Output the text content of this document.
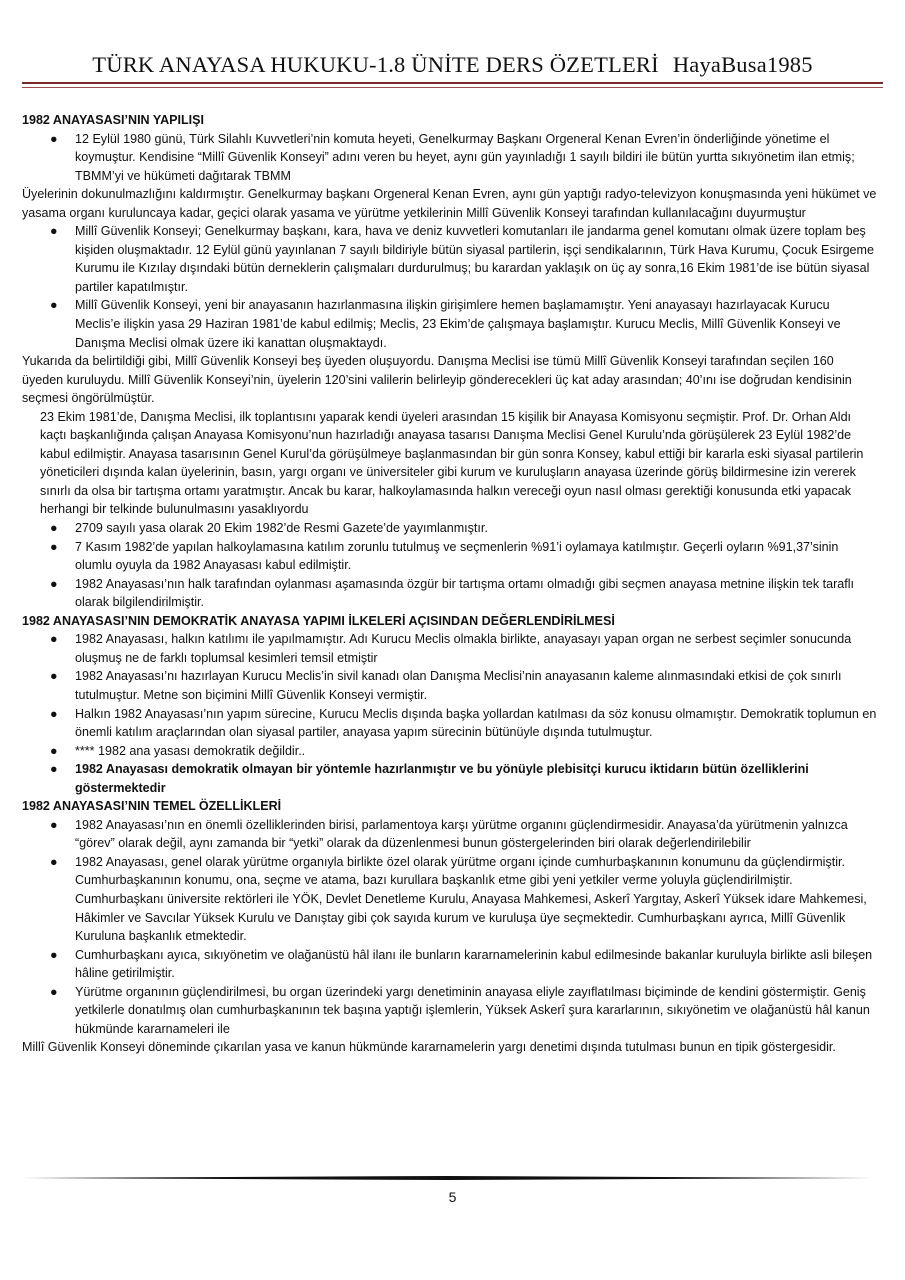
TÜRK ANAYASA HUKUKU-1.8 ÜNİTE DERS ÖZETLERİ HayaBusa1985

1982 ANAYASASI’NIN YAPILIŞI

● 12 Eylül 1980 günü, Türk Silahlı Kuvvetleri’nin komuta heyeti, Genelkurmay Başkanı Orgeneral Kenan Evren’in önderliğinde yönetime el koymuştur. Kendisine “Millî Güvenlik Konseyi” adını veren bu heyet, aynı gün yayınladığı 1 sayılı bildiri ile bütün yurtta sıkıyönetim ilan etmiş; TBMM’yi ve hükümeti dağıtarak TBMM

Üyelerinin dokunulmazlığını kaldırmıştır. Genelkurmay başkanı Orgeneral Kenan Evren, aynı gün yaptığı radyo-televizyon konuşmasında yeni hükümet ve yasama organı kuruluncaya kadar, geçici olarak yasama ve yürütme yetkilerinin Millî Güvenlik Konseyi tarafından kullanılacağını duyurmuştur

● Millî Güvenlik Konseyi; Genelkurmay başkanı, kara, hava ve deniz kuvvetleri komutanları ile jandarma genel komutanı olmak üzere toplam beş kişiden oluşmaktadır. 12 Eylül günü yayınlanan 7 sayılı bildiriyle bütün siyasal partilerin, işçi sendikalarının, Türk Hava Kurumu, Çocuk Esirgeme Kurumu ile Kızılay dışındaki bütün derneklerin çalışmaları durdurulmuş; bu karardan yaklaşık on üç ay sonra,16 Ekim 1981’de ise bütün siyasal partiler kapatılmıştır.
● Millî Güvenlik Konseyi, yeni bir anayasanın hazırlanmasına ilişkin girişimlere hemen başlamamıştır. Yeni anayasayı hazırlayacak Kurucu Meclis’e ilişkin yasa 29 Haziran 1981’de kabul edilmiş; Meclis, 23 Ekim’de çalışmaya başlamıştır. Kurucu Meclis, Millî Güvenlik Konseyi ve Danışma Meclisi olmak üzere iki kanattan oluşmaktaydı.

Yukarıda da belirtildiği gibi, Millî Güvenlik Konseyi beş üyeden oluşuyordu. Danışma Meclisi ise tümü Millî Güvenlik Konseyi tarafından seçilen 160 üyeden kuruluydu. Millî Güvenlik Konseyi’nin, üyelerin 120’sini valilerin belirleyip gönderecekleri üç kat aday arasından; 40’ını ise doğrudan kendisinin seçmesi öngörülmüştür.

23 Ekim 1981’de, Danışma Meclisi, ilk toplantısını yaparak kendi üyeleri arasından 15 kişilik bir Anayasa Komisyonu seçmiştir. Prof. Dr. Orhan Aldı kaçtı başkanlığında çalışan Anayasa Komisyonu’nun hazırladığı anayasa tasarısı Danışma Meclisi Genel Kurulu’nda görüşülerek 23 Eylül 1982’de kabul edilmiştir. Anayasa tasarısının Genel Kurul’da görüşülmeye başlanmasından bir gün sonra Konsey, kabul ettiği bir kararla eski siyasal partilerin yöneticileri dışında kalan üyelerinin, basın, yargı organı ve üniversiteler gibi kurum ve kuruluşların anayasa üzerinde görüş bildirmesine izin vererek sınırlı da olsa bir tartışma ortamı yaratmıştır. Ancak bu karar, halkoylamasında halkın vereceği oyun nasıl olması gerektiği konusunda etki yapacak herhangi bir telkinde bulunulmasını yasaklıyordu

● 2709 sayılı yasa olarak 20 Ekim 1982’de Resmi Gazete’de yayımlanmıştır.
● 7 Kasım 1982’de yapılan halkoylamasına katılım zorunlu tutulmuş ve seçmenlerin %91’i oylamaya katılmıştır. Geçerli oyların %91,37’sinin olumlu oyuyla da 1982 Anayasası kabul edilmiştir.
● 1982 Anayasası’nın halk tarafından oylanması aşamasında özgür bir tartışma ortamı olmadığı gibi seçmen anayasa metnine ilişkin tek taraflı olarak bilgilendirilmiştir.

1982 ANAYASASI’NIN DEMOKRATİK ANAYASA YAPIMI İLKELERİ AÇISINDAN DEĞERLENDİRİLMESİ

● 1982 Anayasası, halkın katılımı ile yapılmamıştır. Adı Kurucu Meclis olmakla birlikte, anayasayı yapan organ ne serbest seçimler sonucunda oluşmuş ne de farklı toplumsal kesimleri temsil etmiştir
● 1982 Anayasası’nı hazırlayan Kurucu Meclis’in sivil kanadı olan Danışma Meclisi’nin anayasanın kaleme alınmasındaki etkisi de çok sınırlı tutulmuştur. Metne son biçimini Millî Güvenlik Konseyi vermiştir.
● Halkın 1982 Anayasası’nın yapım sürecine, Kurucu Meclis dışında başka yollardan katılması da söz konusu olmamıştır. Demokratik toplumun en önemli katılım araçlarından olan siyasal partiler, anayasa yapım sürecinin bütünüyle dışında tutulmuştur.
● **** 1982 ana yasası demokratik değildir..
● 1982 Anayasası demokratik olmayan bir yöntemle hazırlanmıştır ve bu yönüyle plebisitçi kurucu iktidarın bütün özelliklerini göstermektedir

1982 ANAYASASI’NIN TEMEL ÖZELLİKLERİ

● 1982 Anayasası’nın en önemli özelliklerinden birisi, parlamentoya karşı yürütme organını güçlendirmesidir. Anayasa’da yürütmenin yalnızca “görev” olarak değil, aynı zamanda bir “yetki” olarak da düzenlenmesi bunun göstergelerinden biri olarak değerlendirilebilir
● 1982 Anayasası, genel olarak yürütme organıyla birlikte özel olarak yürütme organı içinde cumhurbaşkanının konumunu da güçlendirmiştir. Cumhurbaşkanının konumu, ona, seçme ve atama, bazı kurullara başkanlık etme gibi yeni yetkiler verme yoluyla güçlendirilmiştir. Cumhurbaşkanı üniversite rektörleri ile YÖK, Devlet Denetleme Kurulu, Anayasa Mahkemesi, Askerî Yargıtay, Askerî Yüksek idare Mahkemesi, Hâkimler ve Savcılar Yüksek Kurulu ve Danıştay gibi çok sayıda kurum ve kuruluşa üye seçmektedir. Cumhurbaşkanı ayrıca, Millî Güvenlik Kuruluna başkanlık etmektedir.
● Cumhurbaşkanı ayıca, sıkıyönetim ve olağanüstü hâl ilanı ile bunların kararnamelerinin kabul edilmesinde bakanlar kuruluyla birlikte asli bileşen hâline getirilmiştir.
● Yürütme organının güçlendirilmesi, bu organ üzerindeki yargı denetiminin anayasa eliyle zayıflatılması biçiminde de kendini göstermiştir. Geniş yetkilerle donatılmış olan cumhurbaşkanının tek başına yaptığı işlemlerin, Yüksek Askerî şura kararlarının, sıkıyönetim ve olağanüstü hâl kanun hükmünde kararnameleri ile

Millî Güvenlik Konseyi döneminde çıkarılan yasa ve kanun hükmünde kararnamelerin yargı denetimi dışında tutulması bunun en tipik göstergesidir.

5
